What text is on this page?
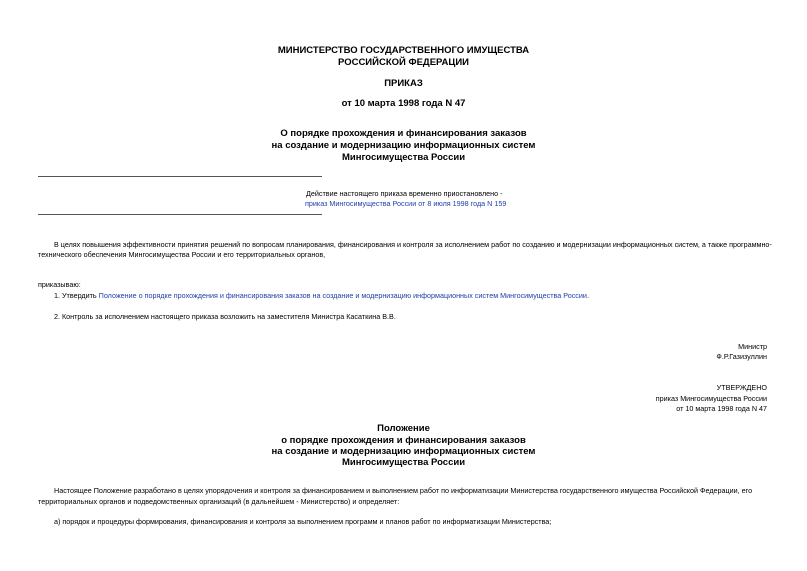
МИНИСТЕРСТВО ГОСУДАРСТВЕННОГО ИМУЩЕСТВА
РОССИЙСКОЙ ФЕДЕРАЦИИ
ПРИКАЗ
от 10 марта 1998 года N 47
О порядке прохождения и финансирования заказов
на создание и модернизацию информационных систем
Мингосимущества России
Действие настоящего приказа временно приостановлено -
приказ Мингосимущества России от 8 июля 1998 года N 159
В целях повышения эффективности принятия решений по вопросам планирования, финансирования и контроля за исполнением работ по созданию и модернизации информационных систем, а также программно-
технического обеспечения Мингосимущества России и его территориальных органов,
приказываю:
1. Утвердить Положение о порядке прохождения и финансирования заказов на создание и модернизацию информационных систем Мингосимущества России.
2. Контроль за исполнением настоящего приказа возложить на заместителя Министра Касаткина В.В.
Министр
Ф.Р.Газизуллин
УТВЕРЖДЕНО
приказ Мингосимущества России
от 10 марта 1998 года N 47
Положение
о порядке прохождения и финансирования заказов
на создание и модернизацию информационных систем
Мингосимущества России
Настоящее Положение разработано в целях упорядочения и контроля за финансированием и выполнением работ по информатизации Министерства государственного имущества Российской Федерации, его
территориальных органов и подведомственных организаций (в дальнейшем - Министерство) и определяет:
а) порядок и процедуры формирования, финансирования и контроля за выполнением программ и планов работ по информатизации Министерства;
